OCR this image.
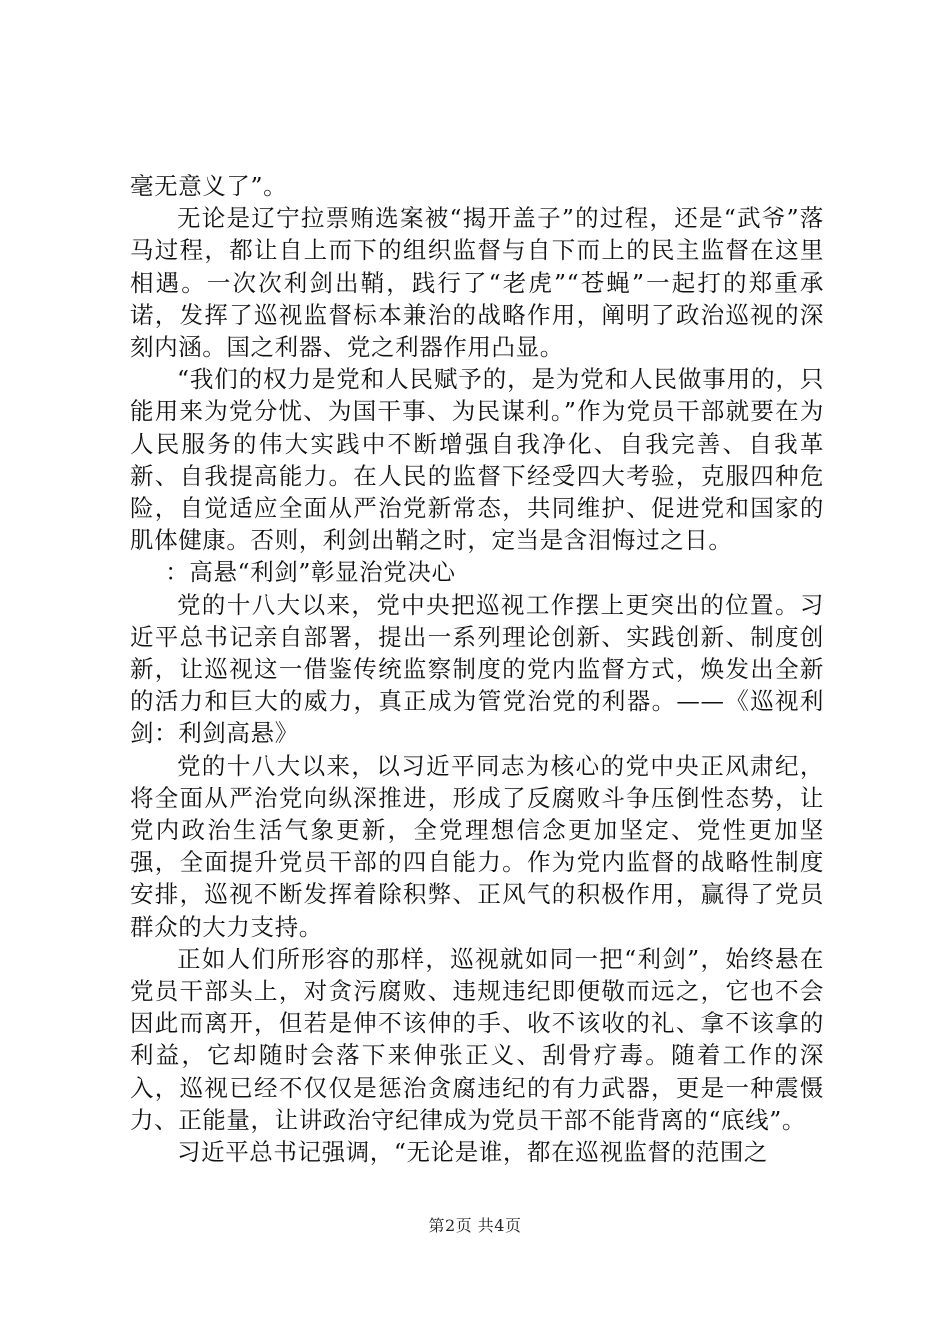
毫无意义了”。

无论是辽宁拉票贿选案被“揭开盖子”的过程，还是“武爷”落马过程，都让自上而下的组织监督与自下而上的民主监督在这里相遇。一次次利剑出鞘，践行了“老虎”“苍蝇”一起打的郑重承诺，发挥了巡视监督标本兼治的战略作用，阐明了政治巡视的深刻内涵。国之利器、党之利器作用凸显。

“我们的权力是党和人民赋予的，是为党和人民做事用的，只能用来为党分忧、为国干事、为民谋利。”作为党员干部就要在为人民服务的伟大实践中不断增强自我净化、自我完善、自我革新、自我提高能力。在人民的监督下经受四大考验，克服四种危险，自觉适应全面从严治党新常态，共同维护、促进党和国家的肌体健康。否则，利剑出鞘之时，定当是含泪悔过之日。

：高悬“利剑”彰显治党决心

党的十八大以来，党中央把巡视工作摆上更突出的位置。习近平总书记亲自部署，提出一系列理论创新、实践创新、制度创新，让巡视这一借鉴传统监察制度的党内监督方式，焕发出全新的活力和巨大的威力，真正成为管党治党的利器。——《巡视利剑：利剑高悬》

党的十八大以来，以习近平同志为核心的党中央正风肃纪，将全面从严治党向纵深推进，形成了反腐败斗争压倒性态势，让党内政治生活气象更新，全党理想信念更加坚定、党性更加坚强，全面提升党员干部的四自能力。作为党内监督的战略性制度安排，巡视不断发挥着除积弊、正风气的积极作用，赢得了党员群众的大力支持。

正如人们所形容的那样，巡视就如同一把“利剑”，始终悬在党员干部头上，对贪污腐败、违规违纪即便敬而远之，它也不会因此而离开，但若是伸不该伸的手、收不该收的礼、拿不该拿的利益，它却随时会落下来伸张正义、刮骨疗毒。随着工作的深入，巡视已经不仅仅是惩治贪腐违纪的有力武器，更是一种震慑力、正能量，让讲政治守纪律成为党员干部不能背离的“底线”。

习近平总书记强调，“无论是谁，都在巡视监督的范围之

第2页 共4页
